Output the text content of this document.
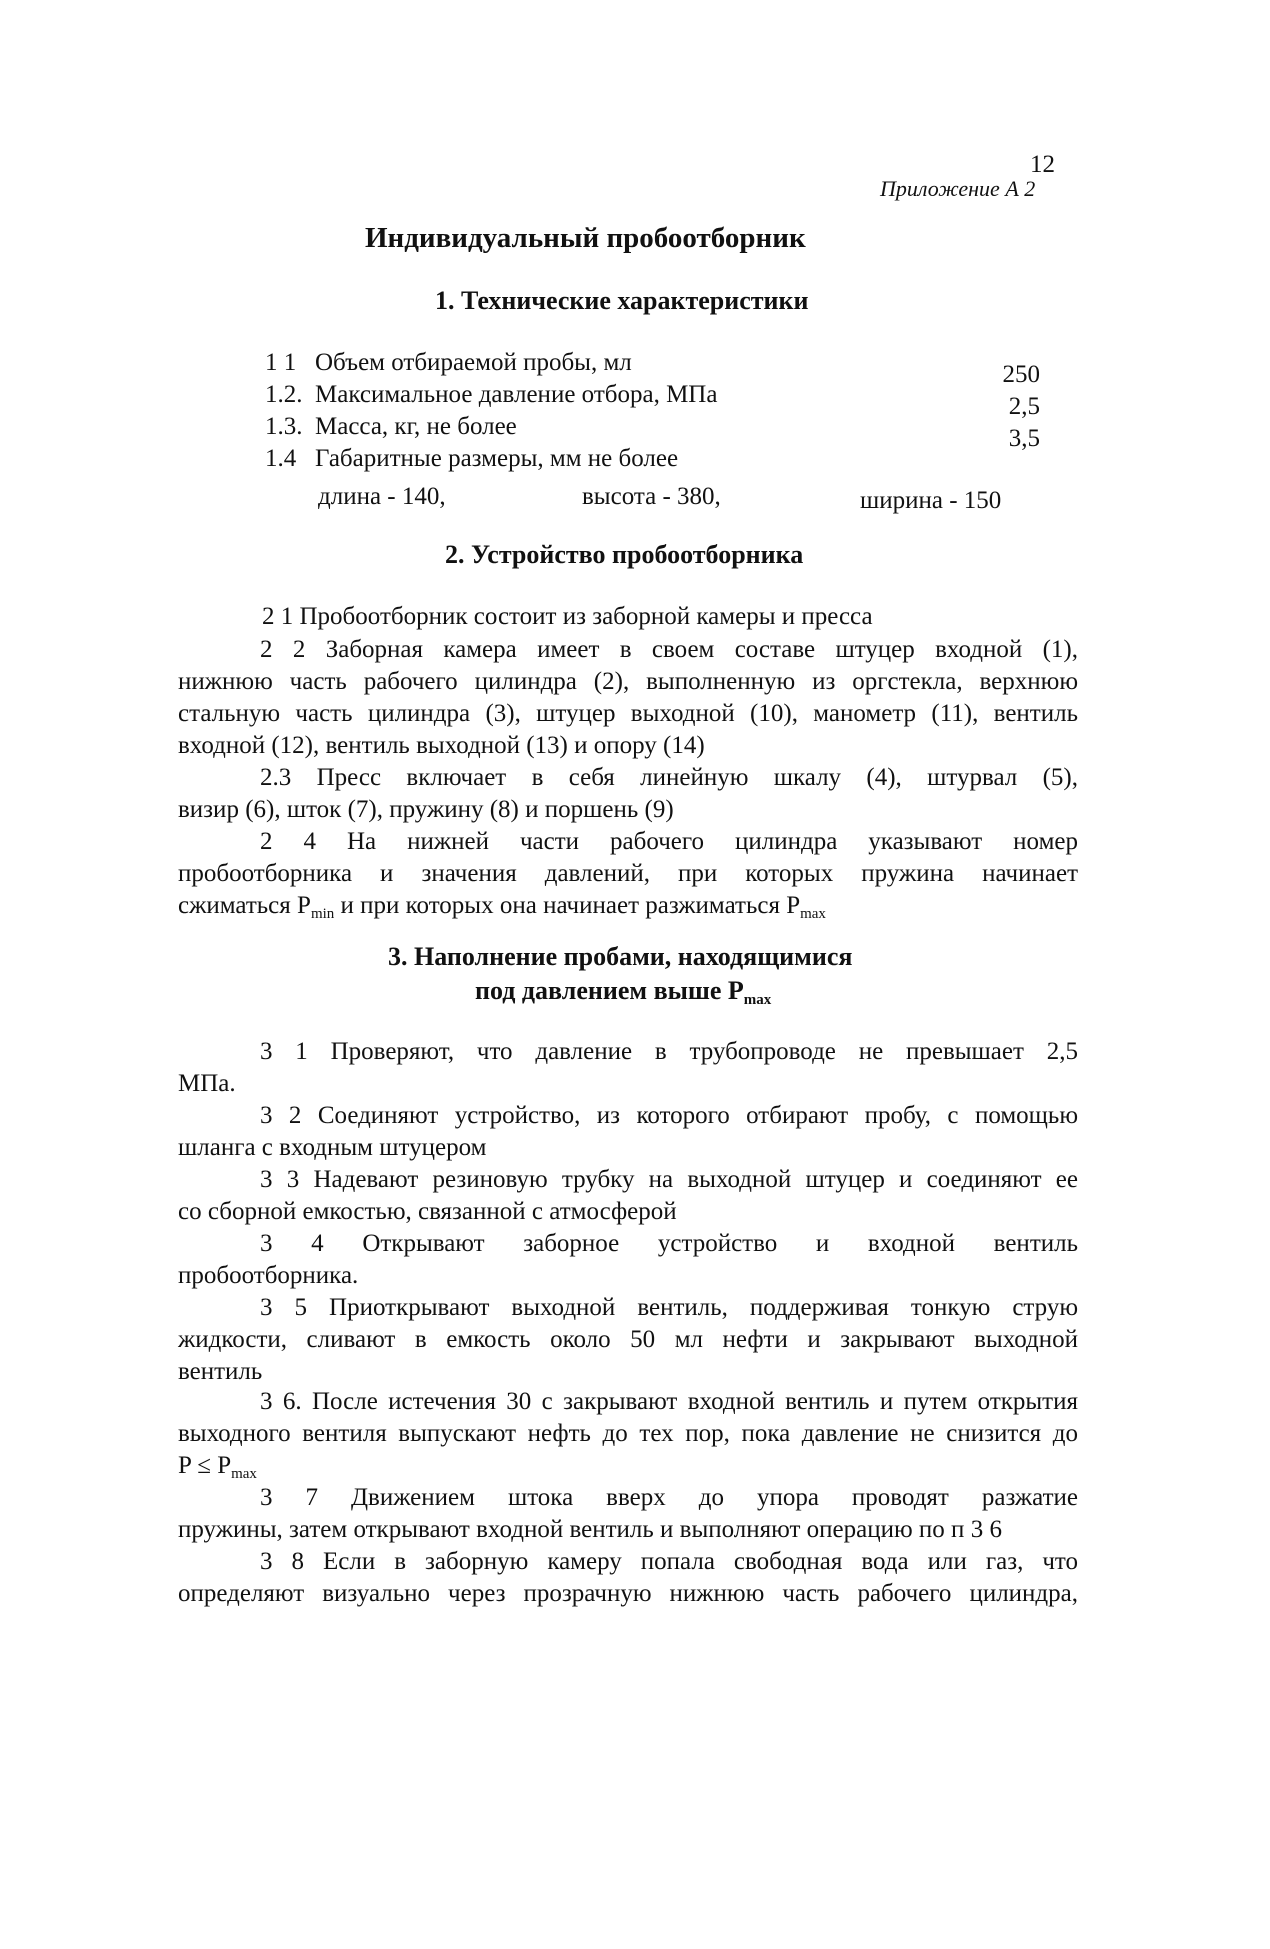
12
Приложение А 2
Индивидуальный пробоотборник
1. Технические характеристики
1 1 Объем отбираемой пробы, мл	250
1.2. Максимальное давление отбора, МПа	2,5
1.3. Масса, кг, не более	3,5
1.4 Габаритные размеры, мм не более
длина - 140,	высота - 380,	ширина - 150
2. Устройство пробоотборника
2 1 Пробоотборник состоит из заборной камеры и пресса
2 2 Заборная камера имеет в своем составе штуцер входной (1),
нижнюю часть рабочего цилиндра (2), выполненную из оргстекла, верхнюю
стальную часть цилиндра (3), штуцер выходной (10), манометр (11), вентиль
входной (12), вентиль выходной (13) и опору (14)
2.3 Пресс включает в себя линейную шкалу (4), штурвал (5),
визир (6), шток (7), пружину (8) и поршень (9)
2 4 На нижней части рабочего цилиндра указывают номер
пробоотборника и значения давлений, при которых пружина начинает
сжиматься $P_{min}$ и при которых она начинает разжиматься $P_{max}$
3. Наполнение пробами, находящимися
под давлением выше $P_{max}$
3 1 Проверяют, что давление в трубопроводе не превышает 2,5
МПа.
3 2 Соединяют устройство, из которого отбирают пробу, с помощью
шланга с входным штуцером
3 3 Надевают резиновую трубку на выходной штуцер и соединяют ее
со сборной емкостью, связанной с атмосферой
3 4 Открывают заборное устройство и входной вентиль
пробоотборника.
3 5 Приоткрывают выходной вентиль, поддерживая тонкую струю
жидкости, сливают в емкость около 50 мл нефти и закрывают выходной
вентиль
3 6. После истечения 30 с закрывают входной вентиль и путем открытия
выходного вентиля выпускают нефть до тех пор, пока давление не снизится до
$P \le P_{max}$
3 7 Движением штока вверх до упора проводят разжатие
пружины, затем открывают входной вентиль и выполняют операцию по п 3 6
3 8 Если в заборную камеру попала свободная вода или газ, что
определяют визуально через прозрачную нижнюю часть рабочего цилиндра,
